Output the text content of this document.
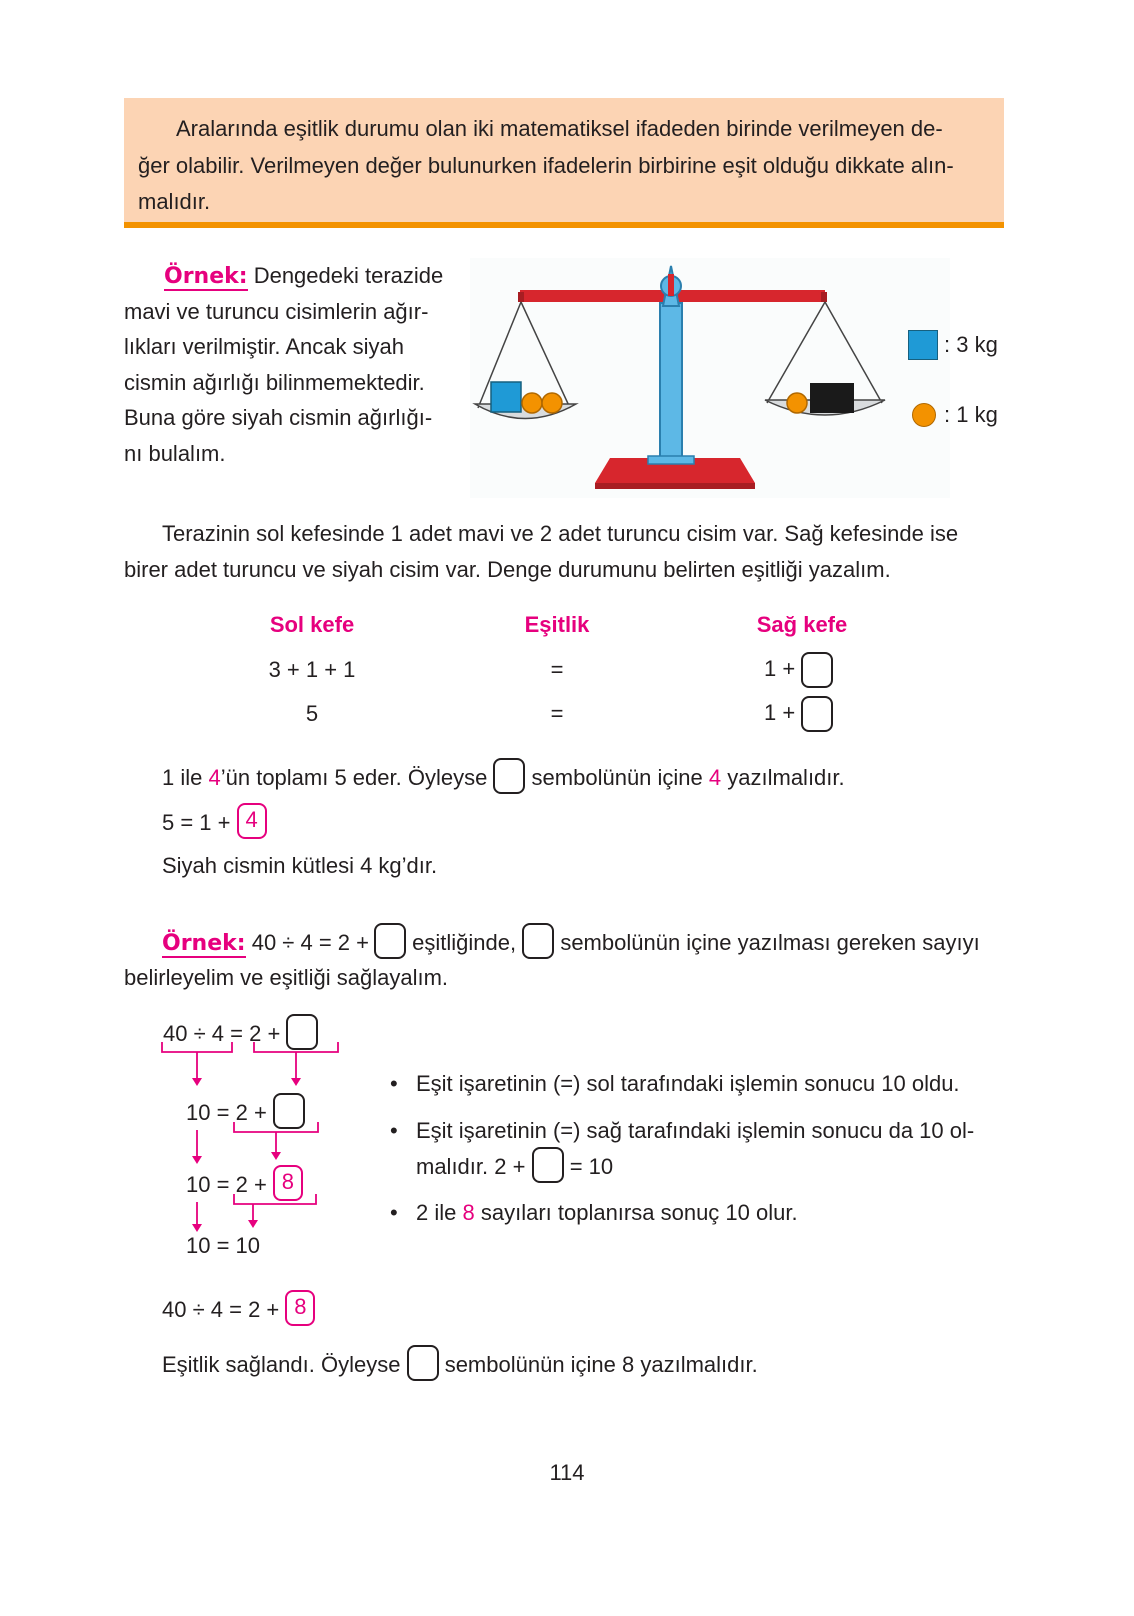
Aralarında eşitlik durumu olan iki matematiksel ifadeden birinde verilmeyen de-
ğer olabilir. Verilmeyen değer bulunurken ifadelerin birbirine eşit olduğu dikkate alın-
malıdır.
Örnek: Dengedeki terazide
mavi ve turuncu cisimlerin ağır-
lıkları verilmiştir. Ancak siyah
cismin ağırlığı bilinmemektedir.
Buna göre siyah cismin ağırlığı-
nı bulalım.
: 3 kg
: 1 kg
Terazinin sol kefesinde 1 adet mavi ve 2 adet turuncu cisim var. Sağ kefesinde ise
birer adet turuncu ve siyah cisim var. Denge durumunu belirten eşitliği yazalım.
Sol kefe	Eşitlik	Sağ kefe
3 + 1 + 1	=	1 +
5	=	1 +
1 ile 4’ün toplamı 5 eder. Öyleyse  sembolünün içine 4 yazılmalıdır.
5 = 1 + 4
Siyah cismin kütlesi 4 kg’dır.
Örnek: 40 ÷ 4 = 2 + eşitliğinde, sembolünün içine yazılması gereken sayıyı
belirleyelim ve eşitliği sağlayalım.
40 ÷ 4 = 2 +
10 = 2 +
10 = 2 + 8
10 = 10
• Eşit işaretinin (=) sol tarafındaki işlemin sonucu 10 oldu.
• Eşit işaretinin (=) sağ tarafındaki işlemin sonucu da 10 ol-
malıdır. 2 + = 10
• 2 ile 8 sayıları toplanırsa sonuç 10 olur.
40 ÷ 4 = 2 + 8
Eşitlik sağlandı. Öyleyse sembolünün içine 8 yazılmalıdır.
114
